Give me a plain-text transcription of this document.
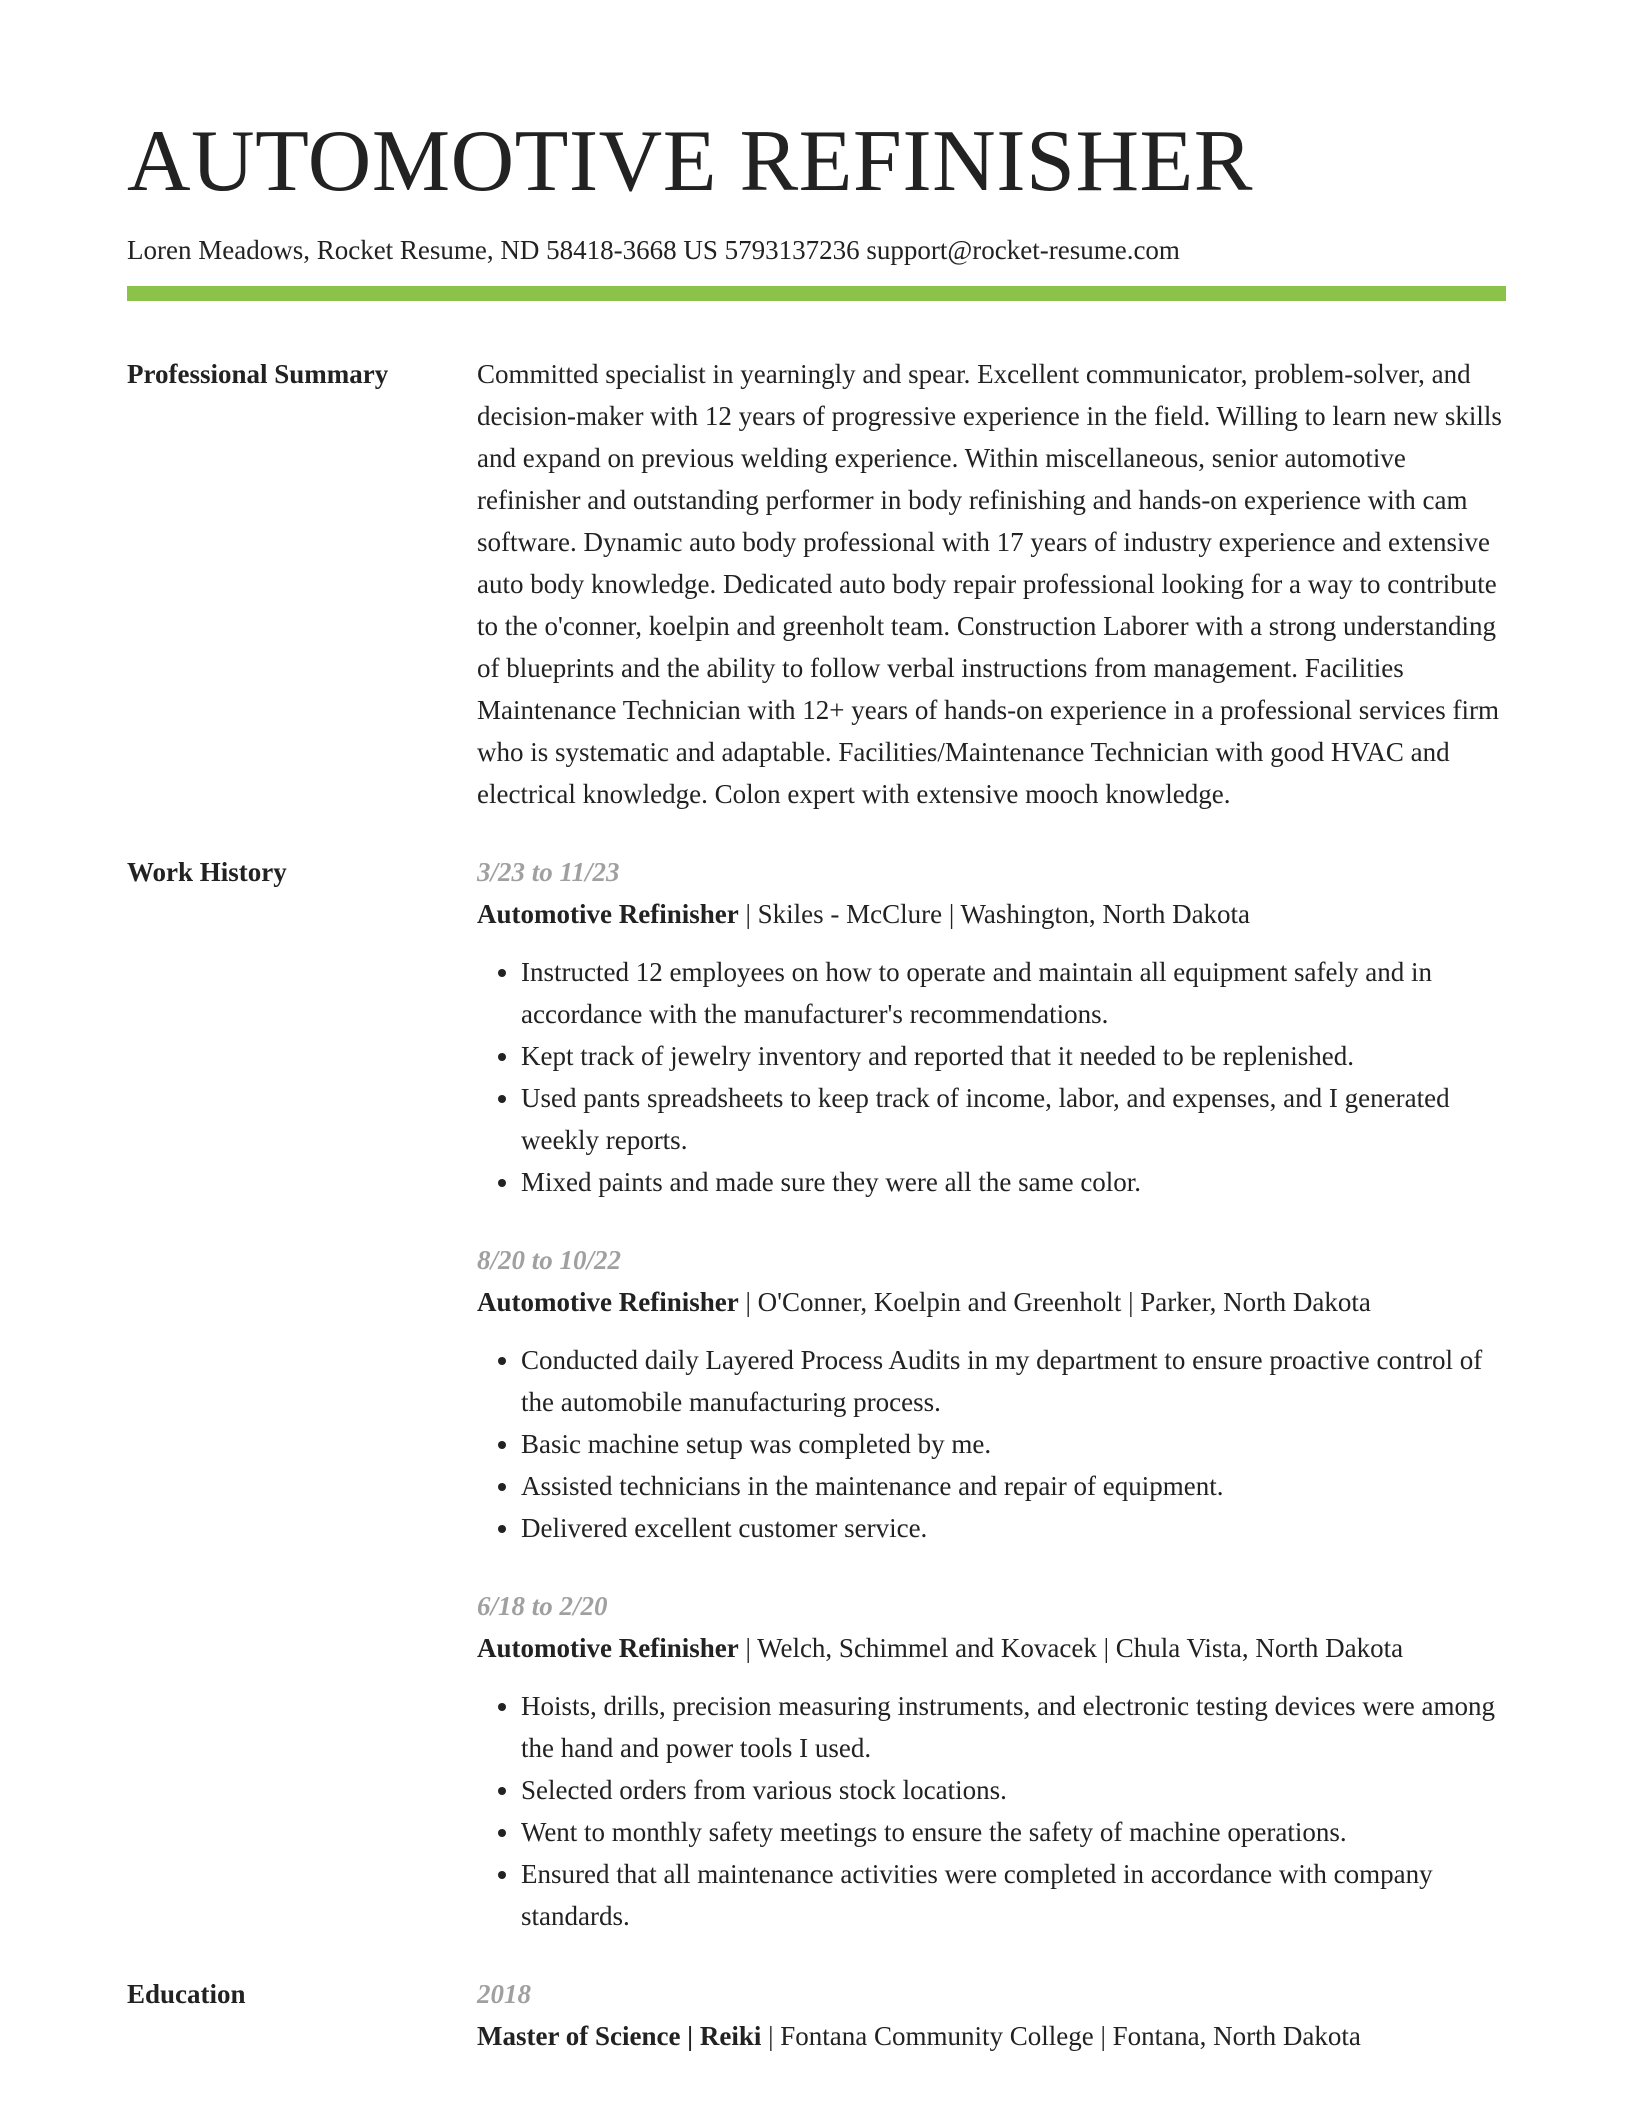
AUTOMOTIVE REFINISHER
Loren Meadows, Rocket Resume, ND 58418-3668 US 5793137236 support@rocket-resume.com
Professional Summary	Committed specialist in yearningly and spear. Excellent communicator, problem-solver, and decision-maker with 12 years of progressive experience in the field. Willing to learn new skills and expand on previous welding experience. Within miscellaneous, senior automotive refinisher and outstanding performer in body refinishing and hands-on experience with cam software. Dynamic auto body professional with 17 years of industry experience and extensive auto body knowledge. Dedicated auto body repair professional looking for a way to contribute to the o'conner, koelpin and greenholt team. Construction Laborer with a strong understanding of blueprints and the ability to follow verbal instructions from management. Facilities Maintenance Technician with 12+ years of hands-on experience in a professional services firm who is systematic and adaptable. Facilities/Maintenance Technician with good HVAC and electrical knowledge. Colon expert with extensive mooch knowledge.

Work History	3/23 to 11/23
Automotive Refinisher | Skiles - McClure | Washington, North Dakota
• Instructed 12 employees on how to operate and maintain all equipment safely and in accordance with the manufacturer's recommendations.
• Kept track of jewelry inventory and reported that it needed to be replenished.
• Used pants spreadsheets to keep track of income, labor, and expenses, and I generated weekly reports.
• Mixed paints and made sure they were all the same color.
8/20 to 10/22
Automotive Refinisher | O'Conner, Koelpin and Greenholt | Parker, North Dakota
• Conducted daily Layered Process Audits in my department to ensure proactive control of the automobile manufacturing process.
• Basic machine setup was completed by me.
• Assisted technicians in the maintenance and repair of equipment.
• Delivered excellent customer service.
6/18 to 2/20
Automotive Refinisher | Welch, Schimmel and Kovacek | Chula Vista, North Dakota
• Hoists, drills, precision measuring instruments, and electronic testing devices were among the hand and power tools I used.
• Selected orders from various stock locations.
• Went to monthly safety meetings to ensure the safety of machine operations.
• Ensured that all maintenance activities were completed in accordance with company standards.
Education	2018
Master of Science | Reiki | Fontana Community College | Fontana, North Dakota
